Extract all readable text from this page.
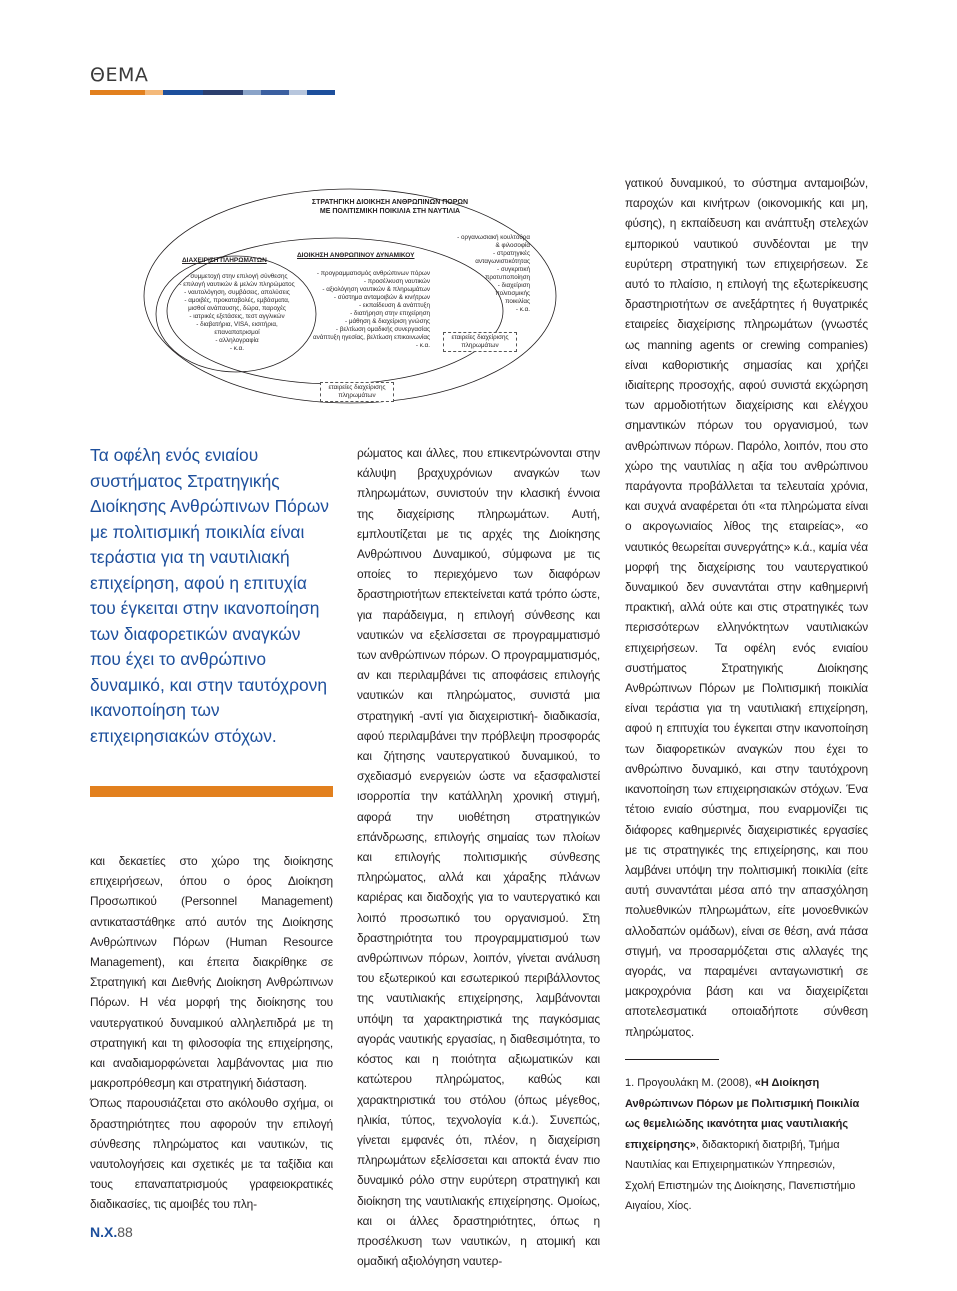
ΘΕΜΑ
ΣΤΡΑΤΗΓΙΚΗ ΔΙΟΙΚΗΣΗ ΑΝΘΡΩΠΙΝΩΝ ΠΟΡΩΝ
ΜΕ ΠΟΛΙΤΙΣΜΙΚΗ ΠΟΙΚΙΛΙΑ ΣΤΗ ΝΑΥΤΙΛΙΑ
ΔΙΑΧΕΙΡΙΣΗ ΠΛΗΡΩΜΑΤΩΝ
- συμμετοχή στην επιλογή σύνθεσης
- επιλογή ναυτικών & μελών πληρώματος
- ναυτολόγηση, συμβάσεις, απολύσεις
- αμοιβές, προκαταβολές, εμβάσματα,
μισθοί ανάπαυσης, δώρα, παροχές
- ιατρικές εξετάσεις, τεστ αγγλικών
- διαβατήρια, VISA, εισιτήρια,
επαναπατρισμοί
- αλληλογραφία
- κ.α.
ΔΙΟΙΚΗΣΗ ΑΝΘΡΩΠΙΝΟΥ ΔΥΝΑΜΙΚΟΥ
- προγραμματισμός ανθρώπινων πόρων
- προσέλκυση ναυτικών
- αξιολόγηση ναυτικών & πληρωμάτων
- σύστημα ανταμοιβών & κινήτρων
- εκπαίδευση & ανάπτυξη
- διατήρηση στην επιχείρηση
- μάθηση & διαχείριση γνώσης
- βελτίωση ομαδικής συνεργασίας
ανάπτυξη ηγεσίας, βελτίωση επικοινωνίας
- κ.α.
- οργανωσιακή κουλτούρα
& φιλοσοφία
- στρατηγικές
ανταγωνιστικότητας
- συγκριτική
προτυποποίηση
- διαχείριση
πολιτισμικής
ποικιλίας
- κ.α.
εταιρείες διαχείρισης πληρωμάτων
εταιρείες διαχείρισης πληρωμάτων

Τα οφέλη ενός ενιαίου συστήματος Στρατηγικής Διοίκησης Ανθρώπινων Πόρων με πολιτισμική ποικιλία είναι τεράστια για τη ναυτιλιακή επιχείρηση, αφού η επιτυχία του έγκειται στην ικανοποίηση των διαφορετικών αναγκών που έχει το ανθρώπινο δυναμικό, και στην ταυτόχρονη ικανοποίηση των επιχειρησιακών στόχων.

και δεκαετίες στο χώρο της διοίκησης επιχειρήσεων, όπου ο όρος Διοίκηση Προσωπικού (Personnel Management) αντικαταστάθηκε από αυτόν της Διοίκησης Ανθρώπινων Πόρων (Human Resource Management), και έπειτα διακρίθηκε σε Στρατηγική και Διεθνής Διοίκηση Ανθρώπινων Πόρων. Η νέα μορφή της διοίκησης του ναυτεργατικού δυναμικού αλληλεπιδρά με τη στρατηγική και τη φιλοσοφία της επιχείρησης, και αναδιαμορφώνεται λαμβάνοντας μια πιο μακροπρόθεσμη και στρατηγική διάσταση.

Όπως παρουσιάζεται στο ακόλουθο σχήμα, οι δραστηριότητες που αφορούν την επιλογή σύνθεσης πληρώματος και ναυτικών, τις ναυτολογήσεις και σχετικές με τα ταξίδια και τους επαναπατρισμούς γραφειοκρατικές διαδικασίες, τις αμοιβές του πλη-

ρώματος και άλλες, που επικεντρώνονται στην κάλυψη βραχυχρόνιων αναγκών των πληρωμάτων, συνιστούν την κλασική έννοια της διαχείρισης πληρωμάτων. Αυτή, εμπλουτίζεται με τις αρχές της Διοίκησης Ανθρώπινου Δυναμικού, σύμφωνα με τις οποίες το περιεχόμενο των διαφόρων δραστηριοτήτων επεκτείνεται κατά τρόπο ώστε, για παράδειγμα, η επιλογή σύνθεσης και ναυτικών να εξελίσσεται σε προγραμματισμό των ανθρώπινων πόρων. Ο προγραμματισμός, αν και περιλαμβάνει τις αποφάσεις επιλογής ναυτικών και πληρώματος, συνιστά μια στρατηγική -αντί για διαχειριστική- διαδικασία, αφού περιλαμβάνει την πρόβλεψη προσφοράς και ζήτησης ναυτεργατικού δυναμικού, το σχεδιασμό ενεργειών ώστε να εξασφαλιστεί ισορροπία την κατάλληλη χρονική στιγμή, αφορά την υιοθέτηση στρατηγικών επάνδρωσης, επιλογής σημαίας των πλοίων και επιλογής πολιτισμικής σύνθεσης πληρώματος, αλλά και χάραξης πλάνων καριέρας και διαδοχής για το ναυτεργατικό και λοιπό προσωπικό του οργανισμού. Στη δραστηριότητα του προγραμματισμού των ανθρώπινων πόρων, λοιπόν, γίνεται ανάλυση του εξωτερικού και εσωτερικού περιβάλλοντος της ναυτιλιακής επιχείρησης, λαμβάνονται υπόψη τα χαρακτηριστικά της παγκόσμιας αγοράς ναυτικής εργασίας, η διαθεσιμότητα, το κόστος και η ποιότητα αξιωματικών και κατώτερου πληρώματος, καθώς και χαρακτηριστικά του στόλου (όπως μέγεθος, ηλικία, τύπος, τεχνολογία κ.ά.). Συνεπώς, γίνεται εμφανές ότι, πλέον, η διαχείριση πληρωμάτων εξελίσσεται και αποκτά έναν πιο δυναμικό ρόλο στην ευρύτερη στρατηγική και διοίκηση της ναυτιλιακής επιχείρησης. Ομοίως, και οι άλλες δραστηριότητες, όπως η προσέλκυση των ναυτικών, η ατομική και ομαδική αξιολόγηση ναυτερ-

γατικού δυναμικού, το σύστημα ανταμοιβών, παροχών και κινήτρων (οικονομικής και μη, φύσης), η εκπαίδευση και ανάπτυξη στελεχών εμπορικού ναυτικού συνδέονται με την ευρύτερη στρατηγική των επιχειρήσεων. Σε αυτό το πλαίσιο, η επιλογή της εξωτερίκευσης δραστηριοτήτων σε ανεξάρτητες ή θυγατρικές εταιρείες διαχείρισης πληρωμάτων (γνωστές ως manning agents or crewing companies) είναι καθοριστικής σημασίας και χρήζει ιδιαίτερης προσοχής, αφού συνιστά εκχώρηση των αρμοδιοτήτων διαχείρισης και ελέγχου σημαντικών πόρων του οργανισμού, των ανθρώπινων πόρων. Παρόλο, λοιπόν, που στο χώρο της ναυτιλίας η αξία του ανθρώπινου παράγοντα προβάλλεται τα τελευταία χρόνια, και συχνά αναφέρεται ότι «τα πληρώματα είναι ο ακρογωνιαίος λίθος της εταιρείας», «ο ναυτικός θεωρείται συνεργάτης» κ.ά., καμία νέα μορφή της διαχείρισης του ναυτεργατικού δυναμικού δεν συναντάται στην καθημερινή πρακτική, αλλά ούτε και στις στρατηγικές των περισσότερων ελληνόκτητων ναυτιλιακών επιχειρήσεων. Τα οφέλη ενός ενιαίου συστήματος Στρατηγικής Διοίκησης Ανθρώπινων Πόρων με Πολιτισμική ποικιλία είναι τεράστια για τη ναυτιλιακή επιχείρηση, αφού η επιτυχία του έγκειται στην ικανοποίηση των διαφορετικών αναγκών που έχει το ανθρώπινο δυναμικό, και στην ταυτόχρονη ικανοποίηση των επιχειρησιακών στόχων. Ένα τέτοιο ενιαίο σύστημα, που εναρμονίζει τις διάφορες καθημερινές διαχειριστικές εργασίες με τις στρατηγικές της επιχείρησης, και που λαμβάνει υπόψη την πολιτισμική ποικιλία (είτε αυτή συναντάται μέσα από την απασχόληση πολυεθνικών πληρωμάτων, είτε μονοεθνικών αλλοδαπών ομάδων), είναι σε θέση, ανά πάσα στιγμή, να προσαρμόζεται στις αλλαγές της αγοράς, να παραμένει ανταγωνιστική σε μακροχρόνια βάση και να διαχειρίζεται αποτελεσματικά οποιαδήποτε σύνθεση πληρώματος.

1. Προγουλάκη Μ. (2008), «Η Διοίκηση Ανθρώπινων Πόρων με Πολιτισμική Ποικιλία ως θεμελιώδης ικανότητα μιας ναυτιλιακής επιχείρησης», διδακτορική διατριβή, Τμήμα Ναυτιλίας και Επιχειρηματικών Υπηρεσιών, Σχολή Επιστημών της Διοίκησης, Πανεπιστήμιο Αιγαίου, Χίος.

Ν.Χ.88
